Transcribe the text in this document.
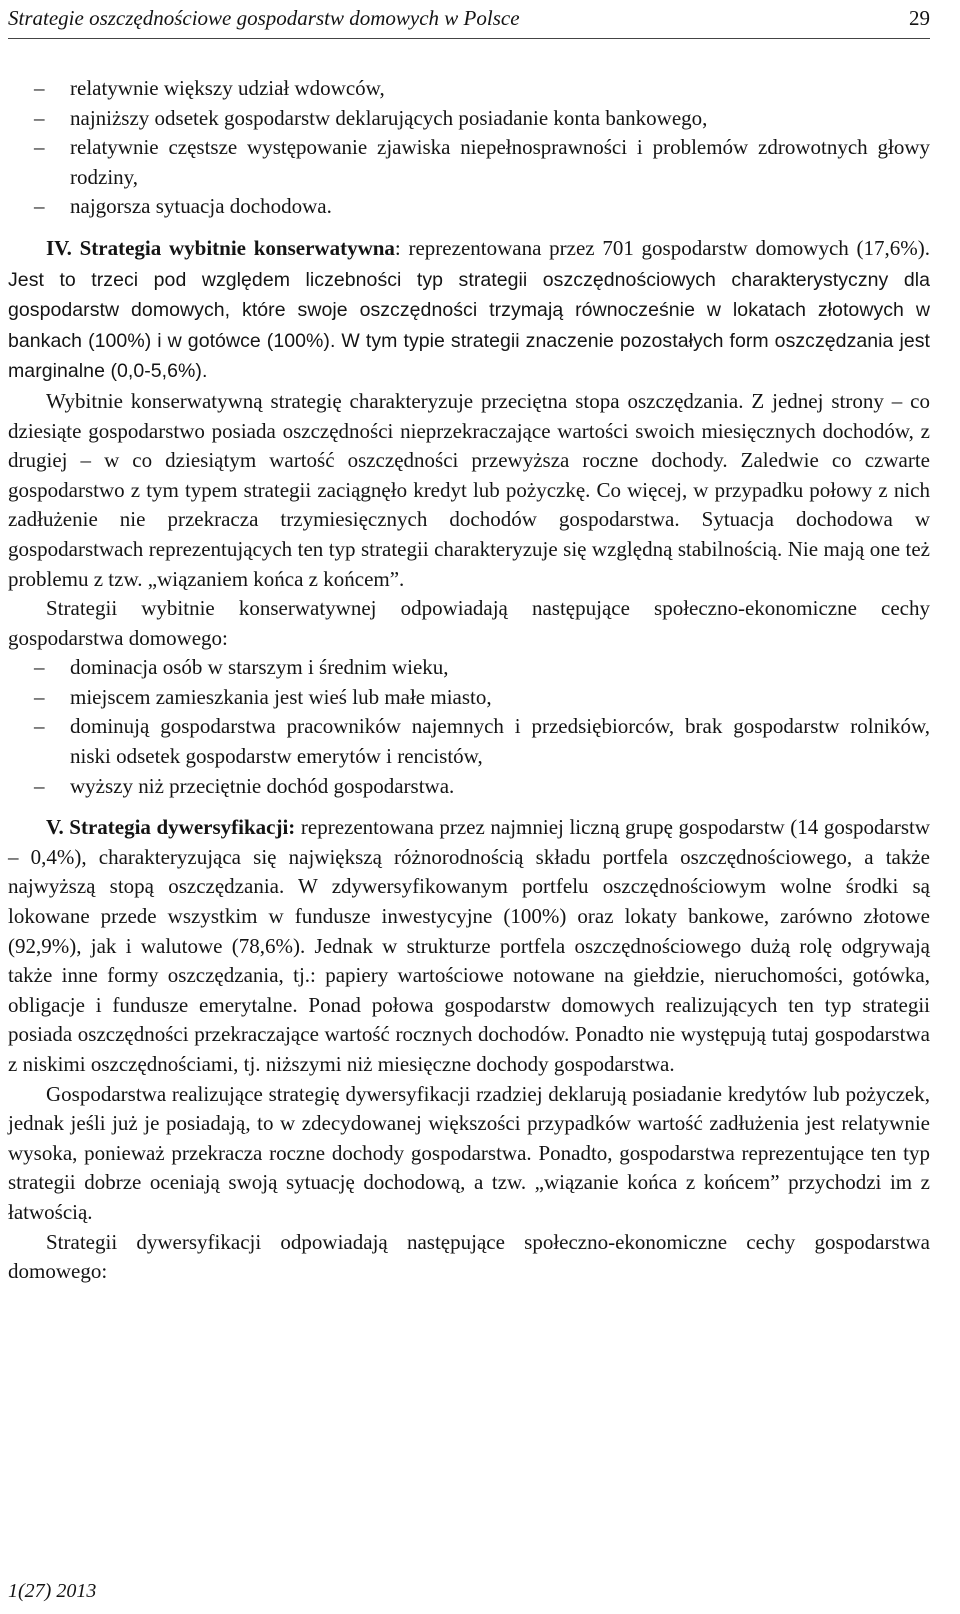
Strategie oszczędnościowe gospodarstw domowych w Polsce	29

– relatywnie większy udział wdowców,

– najniższy odsetek gospodarstw deklarujących posiadanie konta bankowego,

– relatywnie częstsze występowanie zjawiska niepełnosprawności i problemów zdrowotnych głowy rodziny,

– najgorsza sytuacja dochodowa.

IV. Strategia wybitnie konserwatywna: reprezentowana przez 701 gospodarstw domowych (17,6%). Jest to trzeci pod względem liczebności typ strategii oszczędnościowych charakterystyczny dla gospodarstw domowych, które swoje oszczędności trzymają równocześnie w lokatach złotowych w bankach (100%) i w gotówce (100%). W tym typie strategii znaczenie pozostałych form oszczędzania jest marginalne (0,0-5,6%).

Wybitnie konserwatywną strategię charakteryzuje przeciętna stopa oszczędzania. Z jednej strony – co dziesiąte gospodarstwo posiada oszczędności nieprzekraczające wartości swoich miesięcznych dochodów, z drugiej – w co dziesiątym wartość oszczędności przewyższa roczne dochody. Zaledwie co czwarte gospodarstwo z tym typem strategii zaciągnęło kredyt lub pożyczkę. Co więcej, w przypadku połowy z nich zadłużenie nie przekracza trzymiesięcznych dochodów gospodarstwa. Sytuacja dochodowa w gospodarstwach reprezentujących ten typ strategii charakteryzuje się względną stabilnością. Nie mają one też problemu z tzw. „wiązaniem końca z końcem”.

Strategii wybitnie konserwatywnej odpowiadają następujące społeczno-ekonomiczne cechy gospodarstwa domowego:

– dominacja osób w starszym i średnim wieku,

– miejscem zamieszkania jest wieś lub małe miasto,

– dominują gospodarstwa pracowników najemnych i przedsiębiorców, brak gospodarstw rolników, niski odsetek gospodarstw emerytów i rencistów,

– wyższy niż przeciętnie dochód gospodarstwa.

V. Strategia dywersyfikacji: reprezentowana przez najmniej liczną grupę gospodarstw (14 gospodarstw – 0,4%), charakteryzująca się największą różnorodnością składu portfela oszczędnościowego, a także najwyższą stopą oszczędzania. W zdywersyfikowanym portfelu oszczędnościowym wolne środki są lokowane przede wszystkim w fundusze inwestycyjne (100%) oraz lokaty bankowe, zarówno złotowe (92,9%), jak i walutowe (78,6%). Jednak w strukturze portfela oszczędnościowego dużą rolę odgrywają także inne formy oszczędzania, tj.: papiery wartościowe notowane na giełdzie, nieruchomości, gotówka, obligacje i fundusze emerytalne. Ponad połowa gospodarstw domowych realizujących ten typ strategii posiada oszczędności przekraczające wartość rocznych dochodów. Ponadto nie występują tutaj gospodarstwa z niskimi oszczędnościami, tj. niższymi niż miesięczne dochody gospodarstwa.

Gospodarstwa realizujące strategię dywersyfikacji rzadziej deklarują posiadanie kredytów lub pożyczek, jednak jeśli już je posiadają, to w zdecydowanej większości przypadków wartość zadłużenia jest relatywnie wysoka, ponieważ przekracza roczne dochody gospodarstwa. Ponadto, gospodarstwa reprezentujące ten typ strategii dobrze oceniają swoją sytuację dochodową, a tzw. „wiązanie końca z końcem” przychodzi im z łatwością.

Strategii dywersyfikacji odpowiadają następujące społeczno-ekonomiczne cechy gospodarstwa domowego:

1(27) 2013
